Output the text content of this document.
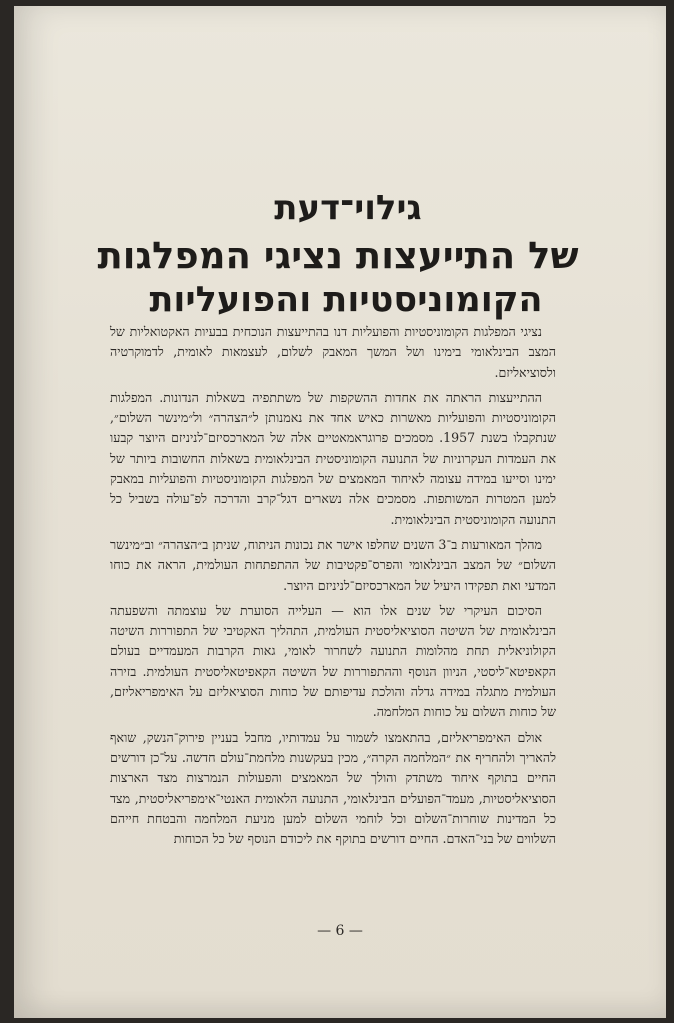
גילוי־דעת
של התייעצות נציגי המפלגות
הקומוניסטיות והפועליות

נציגי המפלגות הקומוניסטיות והפועליות דנו בהתייעצות הנוכחית בבעיות האקטואליות של המצב הבינלאומי בימינו ושל המשך המאבק לשלום, לעצמאות לאומית, לדמוקרטיה ולסוציאליזם.

ההתייעצות הראתה את אחדות ההשקפות של משתתפיה בשאלות הנדונות. המפלגות הקומוניסטיות והפועליות מאשרות כאיש אחד את נאמנותן ל״הצהרה״ ול״מינשר השלום״, שנתקבלו בשנת 1957. מסמכים פרוגראמאטיים אלה של המארכסיזם־לניניזם היוצר קבעו את העמדות העקרוניות של התנועה הקומוניסטית הבינלאומית בשאלות החשובות ביותר של ימינו וסייעו במידה עצומה לאיחוד המאמצים של המפלגות הקומוניסטיות והפועליות במאבק למען המטרות המשותפות. מסמכים אלה נשארים דגל־קרב והדרכה לפ־עולה בשביל כל התנועה הקומוניסטית הבינלאומית.

מהלך המאורעות ב־3 השנים שחלפו אישר את נכונות הניתוח, שניתן ב״הצהרה״ וב״מינשר השלום״ של המצב הבינלאומי והפרס־פקטיבות של ההתפתחות העולמית, הראה את כוחו המדעי ואת תפקידו היעיל של המארכסיזם־לניניזם היוצר.

הסיכום העיקרי של שנים אלו הוא — העלייה הסוערת של עוצמתה והשפעתה הבינלאומית של השיטה הסוציאליסטית העולמית, התהליך האקטיבי של התפוררות השיטה הקולוניאלית תחת מהלומות התנועה לשחרור לאומי, גאות הקרבות המעמדיים בעולם הקאפיטא־ליסטי, הניוון הנוסף וההתפוררות של השיטה הקאפיטאליסטית העולמית. בזירה העולמית מתגלה במידה גדלה והולכת עדיפותם של כוחות הסוציאליזם על האימפריאליזם, של כוחות השלום על כוחות המלחמה.

אולם האימפריאליזם, בהתאמצו לשמור על עמדותיו, מחבל בעניין פירוק־הנשק, שואף להאריך ולהחריף את ״המלחמה הקרה״, מכין בעקשנות מלחמת־עולם חדשה. על־כן דורשים החיים בתוקף איחוד משתדק והולך של המאמצים והפעולות הנמרצות מצד הארצות הסוציאליסטיות, מעמד־הפועלים הבינלאומי, התנועה הלאומית האנטי־אימפריאליסטית, מצד כל המדינות שוחרות־השלום וכל לוחמי השלום למען מניעת המלחמה והבטחת חייהם השלווים של בני־האדם. החיים דורשים בתוקף את ליכודם הנוסף של כל הכוחות

— 6 —
